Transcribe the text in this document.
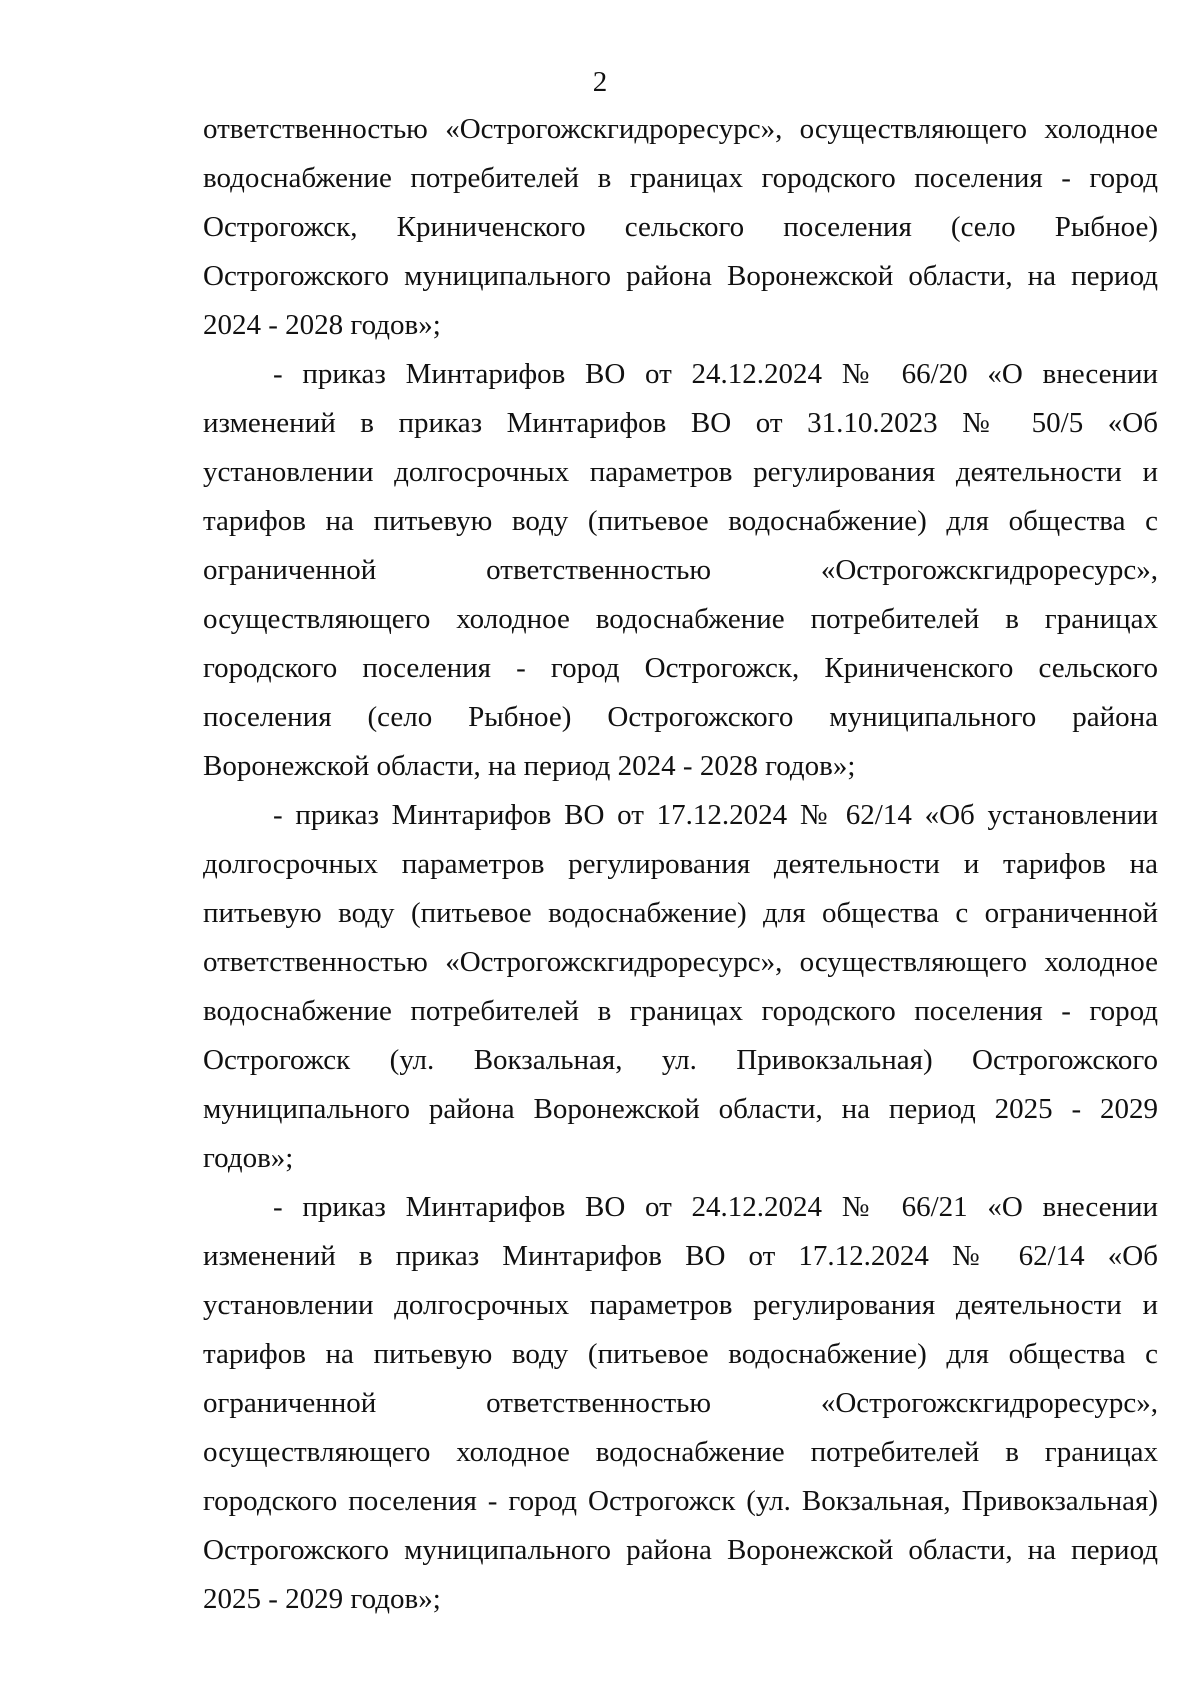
2

ответственностью «Острогожскгидроресурс», осуществляющего холодное водоснабжение потребителей в границах городского поселения - город Острогожск, Криниченского сельского поселения (село Рыбное) Острогожского муниципального района Воронежской области, на период 2024 - 2028 годов»;

- приказ Минтарифов ВО от 24.12.2024 № 66/20 «О внесении изменений в приказ Минтарифов ВО от 31.10.2023 № 50/5 «Об установлении долгосрочных параметров регулирования деятельности и тарифов на питьевую воду (питьевое водоснабжение) для общества с ограниченной ответственностью «Острогожскгидроресурс», осуществляющего холодное водоснабжение потребителей в границах городского поселения - город Острогожск, Криниченского сельского поселения (село Рыбное) Острогожского муниципального района Воронежской области, на период 2024 - 2028 годов»;

- приказ Минтарифов ВО от 17.12.2024 № 62/14 «Об установлении долгосрочных параметров регулирования деятельности и тарифов на питьевую воду (питьевое водоснабжение) для общества с ограниченной ответственностью «Острогожскгидроресурс», осуществляющего холодное водоснабжение потребителей в границах городского поселения - город Острогожск (ул. Вокзальная, ул. Привокзальная) Острогожского муниципального района Воронежской области, на период 2025 - 2029 годов»;

- приказ Минтарифов ВО от 24.12.2024 № 66/21 «О внесении изменений в приказ Минтарифов ВО от 17.12.2024 № 62/14 «Об установлении долгосрочных параметров регулирования деятельности и тарифов на питьевую воду (питьевое водоснабжение) для общества с ограниченной ответственностью «Острогожскгидроресурс», осуществляющего холодное водоснабжение потребителей в границах городского поселения - город Острогожск (ул. Вокзальная, Привокзальная) Острогожского муниципального района Воронежской области, на период 2025 - 2029 годов»;
